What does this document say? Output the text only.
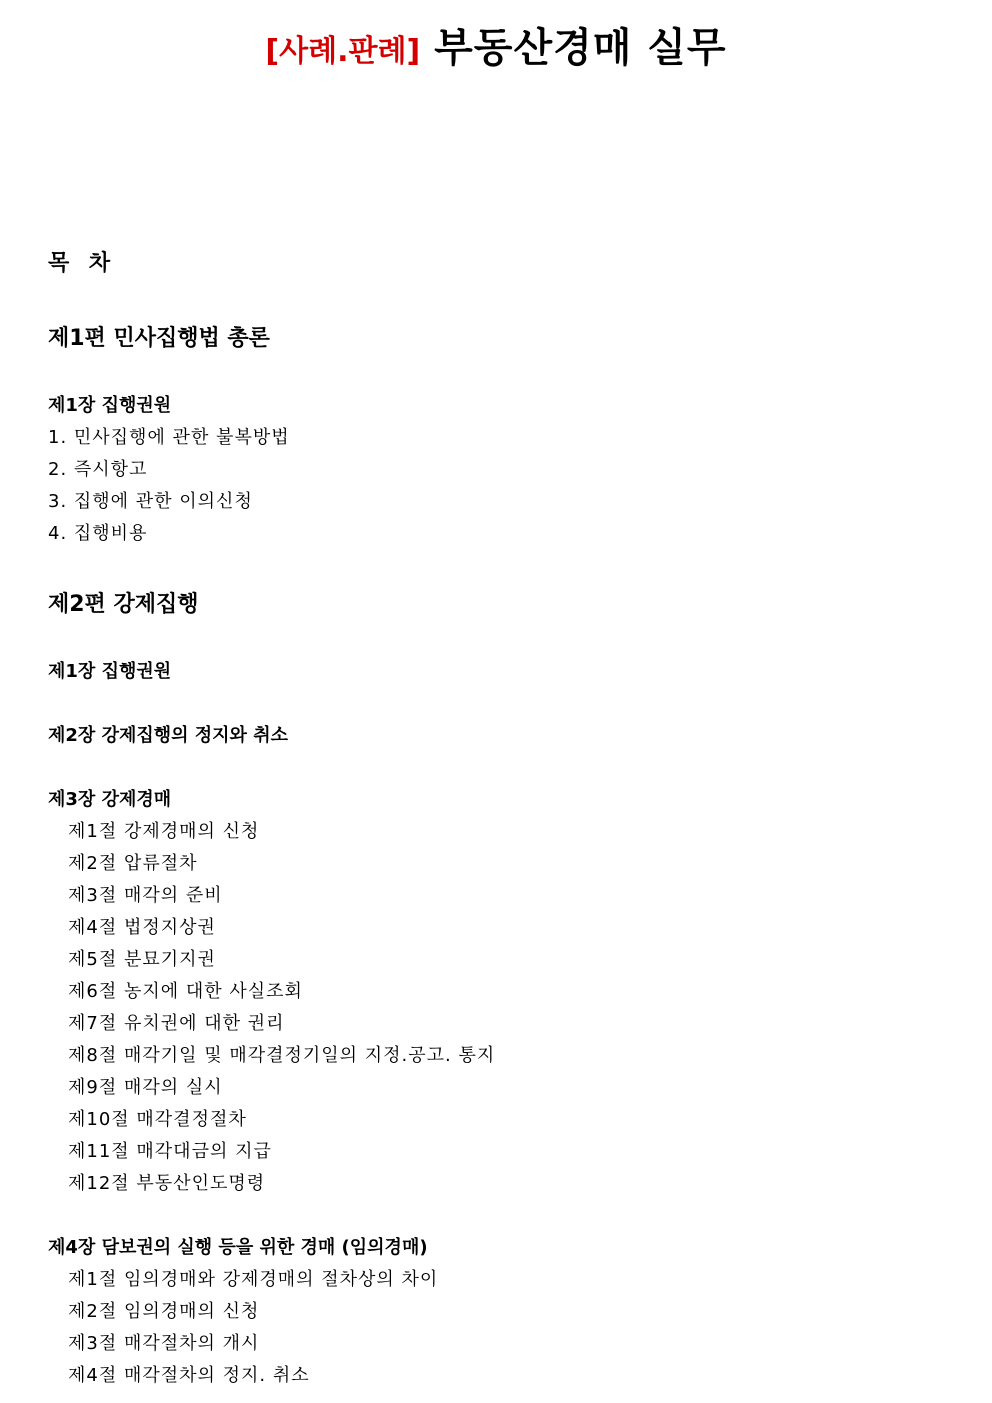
[사례.판례] 부동산경매 실무
목 차
제1편 민사집행법 총론
제1장 집행권원
1. 민사집행에 관한 불복방법
2. 즉시항고
3. 집행에 관한 이의신청
4. 집행비용
제2편 강제집행
제1장 집행권원
제2장 강제집행의 정지와 취소
제3장 강제경매
제1절 강제경매의 신청
제2절 압류절차
제3절 매각의 준비
제4절 법정지상권
제5절 분묘기지권
제6절 농지에 대한 사실조회
제7절 유치권에 대한 권리
제8절 매각기일 및 매각결정기일의 지정.공고. 통지
제9절 매각의 실시
제10절 매각결정절차
제11절 매각대금의 지급
제12절 부동산인도명령
제4장 담보권의 실행 등을 위한 경매 (임의경매)
제1절 임의경매와 강제경매의 절차상의 차이
제2절 임의경매의 신청
제3절 매각절차의 개시
제4절 매각절차의 정지. 취소
